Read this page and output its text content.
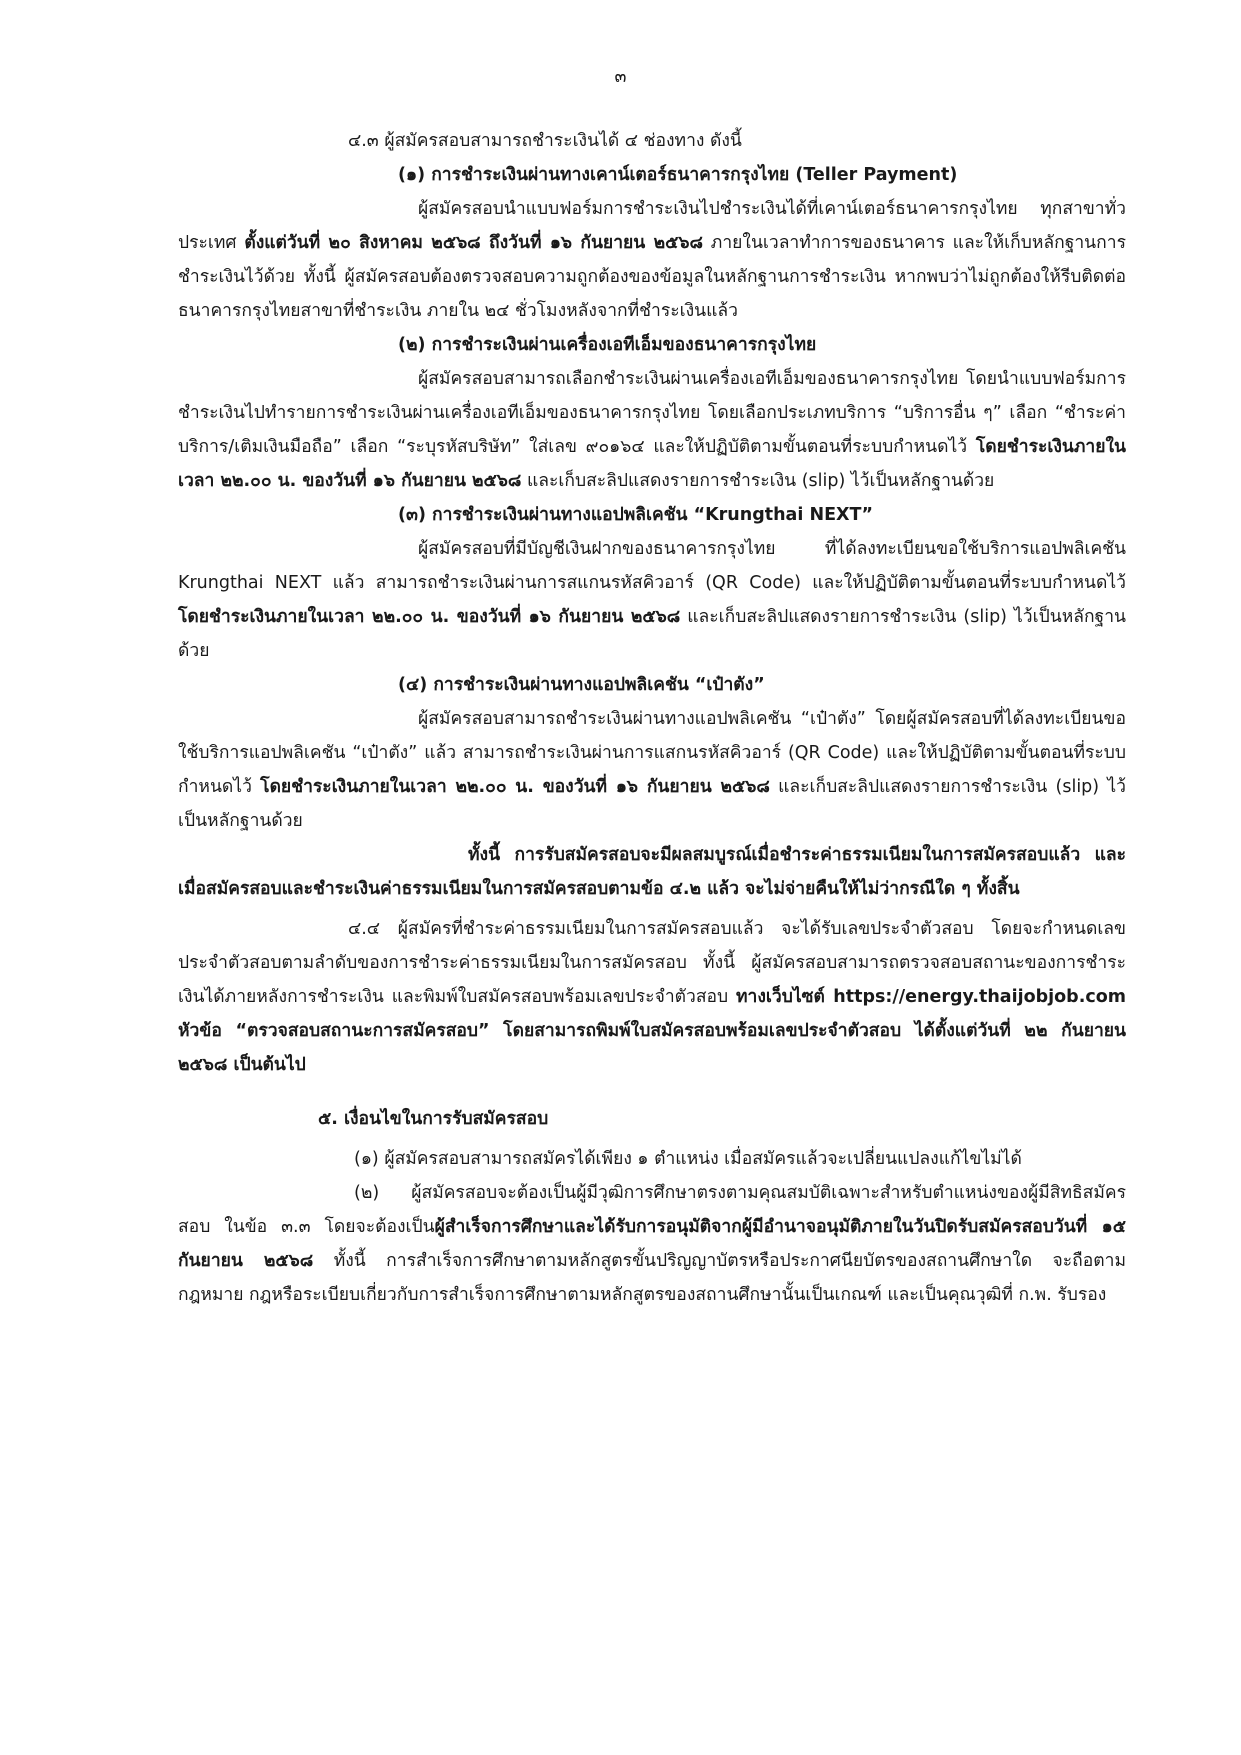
๓

๔.๓ ผู้สมัครสอบสามารถชำระเงินได้ ๔ ช่องทาง ดังนี้

(๑) การชำระเงินผ่านทางเคาน์เตอร์ธนาคารกรุงไทย (Teller Payment)

ผู้สมัครสอบนำแบบฟอร์มการชำระเงินไปชำระเงินได้ที่เคาน์เตอร์ธนาคารกรุงไทย ทุกสาขาทั่วประเทศ ตั้งแต่วันที่ ๒๐ สิงหาคม ๒๕๖๘ ถึงวันที่ ๑๖ กันยายน ๒๕๖๘ ภายในเวลาทำการของธนาคาร และให้เก็บหลักฐานการชำระเงินไว้ด้วย ทั้งนี้ ผู้สมัครสอบต้องตรวจสอบความถูกต้องของข้อมูลในหลักฐานการชำระเงิน หากพบว่าไม่ถูกต้องให้รีบติดต่อธนาคารกรุงไทยสาขาที่ชำระเงิน ภายใน ๒๔ ชั่วโมงหลังจากที่ชำระเงินแล้ว

(๒) การชำระเงินผ่านเครื่องเอทีเอ็มของธนาคารกรุงไทย

ผู้สมัครสอบสามารถเลือกชำระเงินผ่านเครื่องเอทีเอ็มของธนาคารกรุงไทย โดยนำแบบฟอร์มการชำระเงินไปทำรายการชำระเงินผ่านเครื่องเอทีเอ็มของธนาคารกรุงไทย โดยเลือกประเภทบริการ “บริการอื่น ๆ” เลือก “ชำระค่าบริการ/เติมเงินมือถือ” เลือก “ระบุรหัสบริษัท” ใส่เลข ๙๐๑๖๔ และให้ปฏิบัติตามขั้นตอนที่ระบบกำหนดไว้ โดยชำระเงินภายในเวลา ๒๒.๐๐ น. ของวันที่ ๑๖ กันยายน ๒๕๖๘ และเก็บสะลิปแสดงรายการชำระเงิน (slip) ไว้เป็นหลักฐานด้วย

(๓) การชำระเงินผ่านทางแอปพลิเคชัน “Krungthai NEXT”

ผู้สมัครสอบที่มีบัญชีเงินฝากของธนาคารกรุงไทย ที่ได้ลงทะเบียนขอใช้บริการแอปพลิเคชัน Krungthai NEXT แล้ว สามารถชำระเงินผ่านการสแกนรหัสคิวอาร์ (QR Code) และให้ปฏิบัติตามขั้นตอนที่ระบบกำหนดไว้ โดยชำระเงินภายในเวลา ๒๒.๐๐ น. ของวันที่ ๑๖ กันยายน ๒๕๖๘ และเก็บสะลิปแสดงรายการชำระเงิน (slip) ไว้เป็นหลักฐานด้วย

(๔) การชำระเงินผ่านทางแอปพลิเคชัน “เป๋าตัง”

ผู้สมัครสอบสามารถชำระเงินผ่านทางแอปพลิเคชัน “เป๋าตัง” โดยผู้สมัครสอบที่ได้ลงทะเบียนขอใช้บริการแอปพลิเคชัน “เป๋าตัง” แล้ว สามารถชำระเงินผ่านการแสกนรหัสคิวอาร์ (QR Code) และให้ปฏิบัติตามขั้นตอนที่ระบบกำหนดไว้ โดยชำระเงินภายในเวลา ๒๒.๐๐ น. ของวันที่ ๑๖ กันยายน ๒๕๖๘ และเก็บสะลิปแสดงรายการชำระเงิน (slip) ไว้เป็นหลักฐานด้วย

ทั้งนี้ การรับสมัครสอบจะมีผลสมบูรณ์เมื่อชำระค่าธรรมเนียมในการสมัครสอบแล้ว และเมื่อสมัครสอบและชำระเงินค่าธรรมเนียมในการสมัครสอบตามข้อ ๔.๒ แล้ว จะไม่จ่ายคืนให้ไม่ว่ากรณีใด ๆ ทั้งสิ้น

๔.๔ ผู้สมัครที่ชำระค่าธรรมเนียมในการสมัครสอบแล้ว จะได้รับเลขประจำตัวสอบ โดยจะกำหนดเลขประจำตัวสอบตามลำดับของการชำระค่าธรรมเนียมในการสมัครสอบ ทั้งนี้ ผู้สมัครสอบสามารถตรวจสอบสถานะของการชำระเงินได้ภายหลังการชำระเงิน และพิมพ์ใบสมัครสอบพร้อมเลขประจำตัวสอบ ทางเว็บไซต์ https://energy.thaijobjob.com หัวข้อ “ตรวจสอบสถานะการสมัครสอบ” โดยสามารถพิมพ์ใบสมัครสอบพร้อมเลขประจำตัวสอบ ได้ตั้งแต่วันที่ ๒๒ กันยายน ๒๕๖๘ เป็นต้นไป

๕. เงื่อนไขในการรับสมัครสอบ

(๑) ผู้สมัครสอบสามารถสมัครได้เพียง ๑ ตำแหน่ง เมื่อสมัครแล้วจะเปลี่ยนแปลงแก้ไขไม่ได้

(๒) ผู้สมัครสอบจะต้องเป็นผู้มีวุฒิการศึกษาตรงตามคุณสมบัติเฉพาะสำหรับตำแหน่งของผู้มีสิทธิสมัครสอบ ในข้อ ๓.๓ โดยจะต้องเป็นผู้สำเร็จการศึกษาและได้รับการอนุมัติจากผู้มีอำนาจอนุมัติภายในวันปิดรับสมัครสอบวันที่ ๑๕ กันยายน ๒๕๖๘ ทั้งนี้ การสำเร็จการศึกษาตามหลักสูตรขั้นปริญญาบัตรหรือประกาศนียบัตรของสถานศึกษาใด จะถือตามกฎหมาย กฎหรือระเบียบเกี่ยวกับการสำเร็จการศึกษาตามหลักสูตรของสถานศึกษานั้นเป็นเกณฑ์ และเป็นคุณวุฒิที่ ก.พ. รับรอง
